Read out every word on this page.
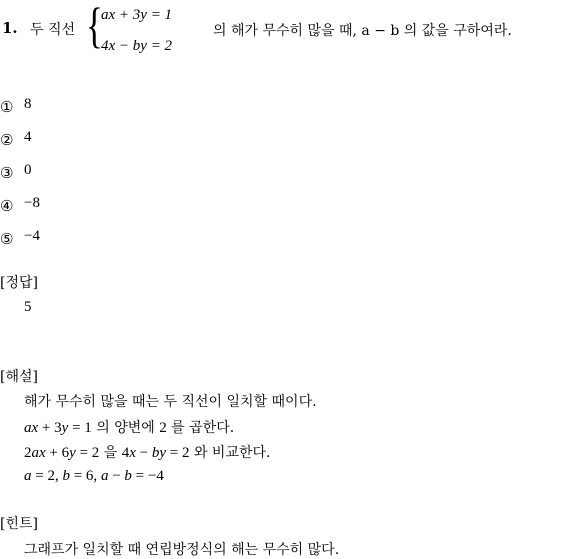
1. 두 직선 {
ax + 3y = 1
4x − by = 2
의 해가 무수히 많을 때, a − b 의 값을 구하여라.
① 8
② 4
③ 0
④ −8
⑤ −4
[정답]
5
[해설]
해가 무수히 많을 때는 두 직선이 일치할 때이다.
ax + 3y = 1 의 양변에 2 를 곱한다.
2ax + 6y = 2 을 4x − by = 2 와 비교한다.
a = 2, b = 6, a − b = −4
[힌트]
그래프가 일치할 때 연립방정식의 해는 무수히 많다.
